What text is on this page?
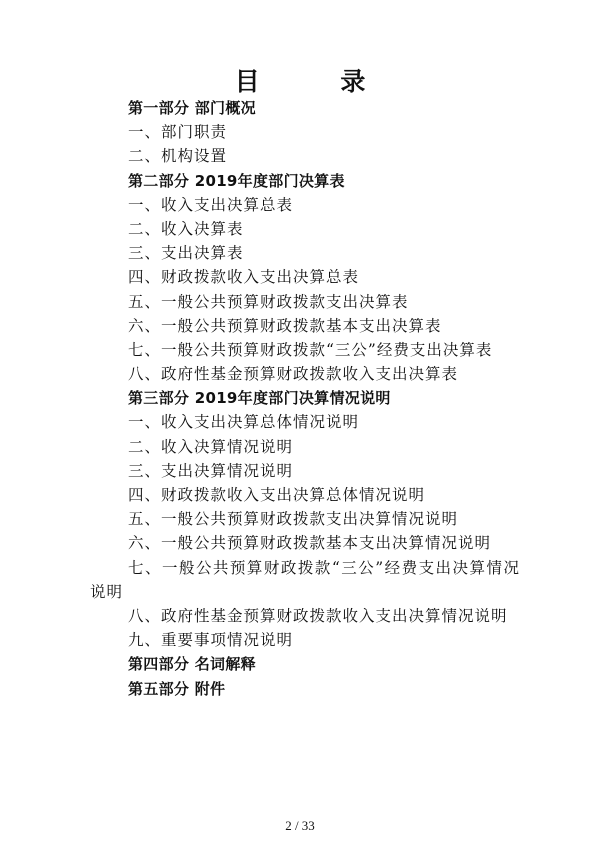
目 录
第一部分 部门概况
一、部门职责
二、机构设置
第二部分 2019年度部门决算表
一、收入支出决算总表
二、收入决算表
三、支出决算表
四、财政拨款收入支出决算总表
五、一般公共预算财政拨款支出决算表
六、一般公共预算财政拨款基本支出决算表
七、一般公共预算财政拨款“三公”经费支出决算表
八、政府性基金预算财政拨款收入支出决算表
第三部分 2019年度部门决算情况说明
一、收入支出决算总体情况说明
二、收入决算情况说明
三、支出决算情况说明
四、财政拨款收入支出决算总体情况说明
五、一般公共预算财政拨款支出决算情况说明
六、一般公共预算财政拨款基本支出决算情况说明
七、一般公共预算财政拨款“三公”经费支出决算情况说明
八、政府性基金预算财政拨款收入支出决算情况说明
九、重要事项情况说明
第四部分 名词解释
第五部分 附件
2 / 33
